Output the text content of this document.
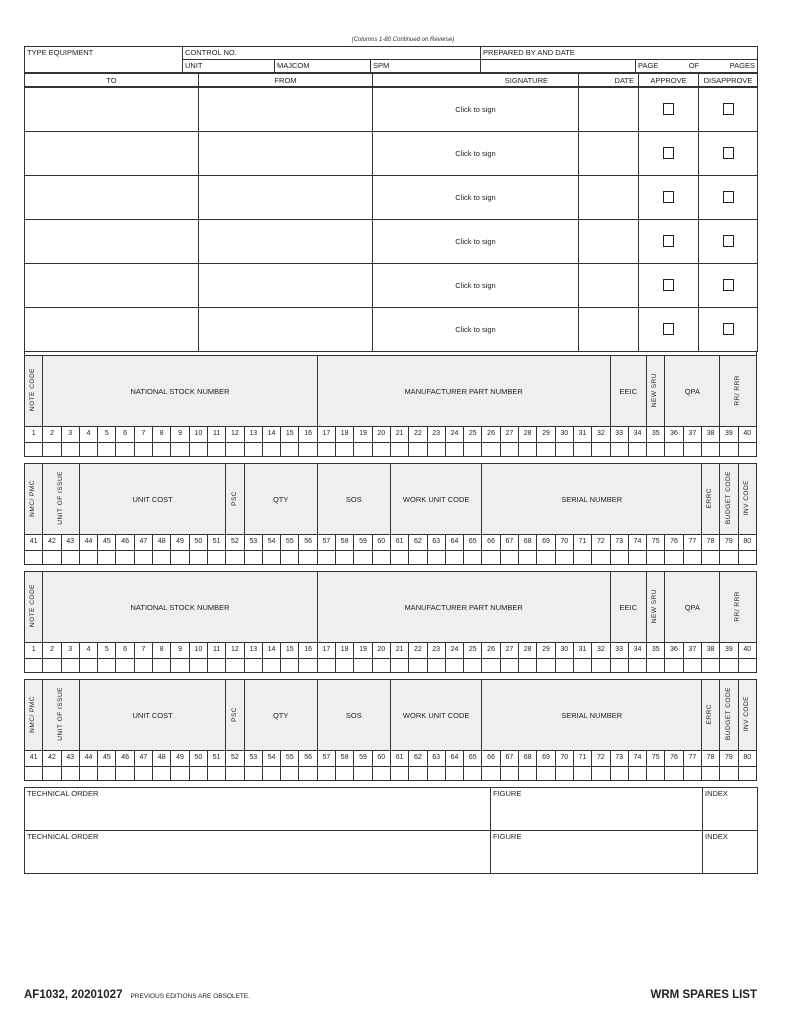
(Columns 1-80 Continued on Reverse)
TYPE EQUIPMENT	CONTROL NO.			PREPARED BY AND DATE	

	UNIT	MAJCOM	SPM		PAGE OF PAGES
TO	FROM	SIGNATURE	DATE	APPROVE	DISAPPROVE
		Click to sign			
		Click to sign			
		Click to sign			
		Click to sign			
		Click to sign			
		Click to sign			
NOTE CODE	NATIONAL STOCK NUMBER															MANUFACTURER PART NUMBER																EEIC		NEW SRU	QPA			RR/ RRR	
1	2	3	4	5	6	7	8	9	10	11	12	13	14	15	16	17	18	19	20	21	22	23	24	25	26	27	28	29	30	31	32	33	34	35	36	37	38	39	40

NMC/ PMC	UNIT OF ISSUE		UNIT COST								PSC	QTY				SOS				WORK UNIT CODE					SERIAL NUMBER												ERRC	BUDGET CODE	INV CODE
41	42	43	44	45	46	47	48	49	50	51	52	53	54	55	56	57	58	59	60	61	62	63	64	65	66	67	68	69	70	71	72	73	74	75	76	77	78	79	80

NOTE CODE	NATIONAL STOCK NUMBER															MANUFACTURER PART NUMBER																EEIC		NEW SRU	QPA			RR/ RRR	
1	2	3	4	5	6	7	8	9	10	11	12	13	14	15	16	17	18	19	20	21	22	23	24	25	26	27	28	29	30	31	32	33	34	35	36	37	38	39	40

NMC/ PMC	UNIT OF ISSUE		UNIT COST								PSC	QTY				SOS				WORK UNIT CODE					SERIAL NUMBER												ERRC	BUDGET CODE	INV CODE
41	42	43	44	45	46	47	48	49	50	51	52	53	54	55	56	57	58	59	60	61	62	63	64	65	66	67	68	69	70	71	72	73	74	75	76	77	78	79	80

TECHNICAL ORDER	FIGURE	INDEX

TECHNICAL ORDER	FIGURE	INDEX
AF1032, 20201027 PREVIOUS EDITIONS ARE OBSOLETE.	WRM SPARES LIST
